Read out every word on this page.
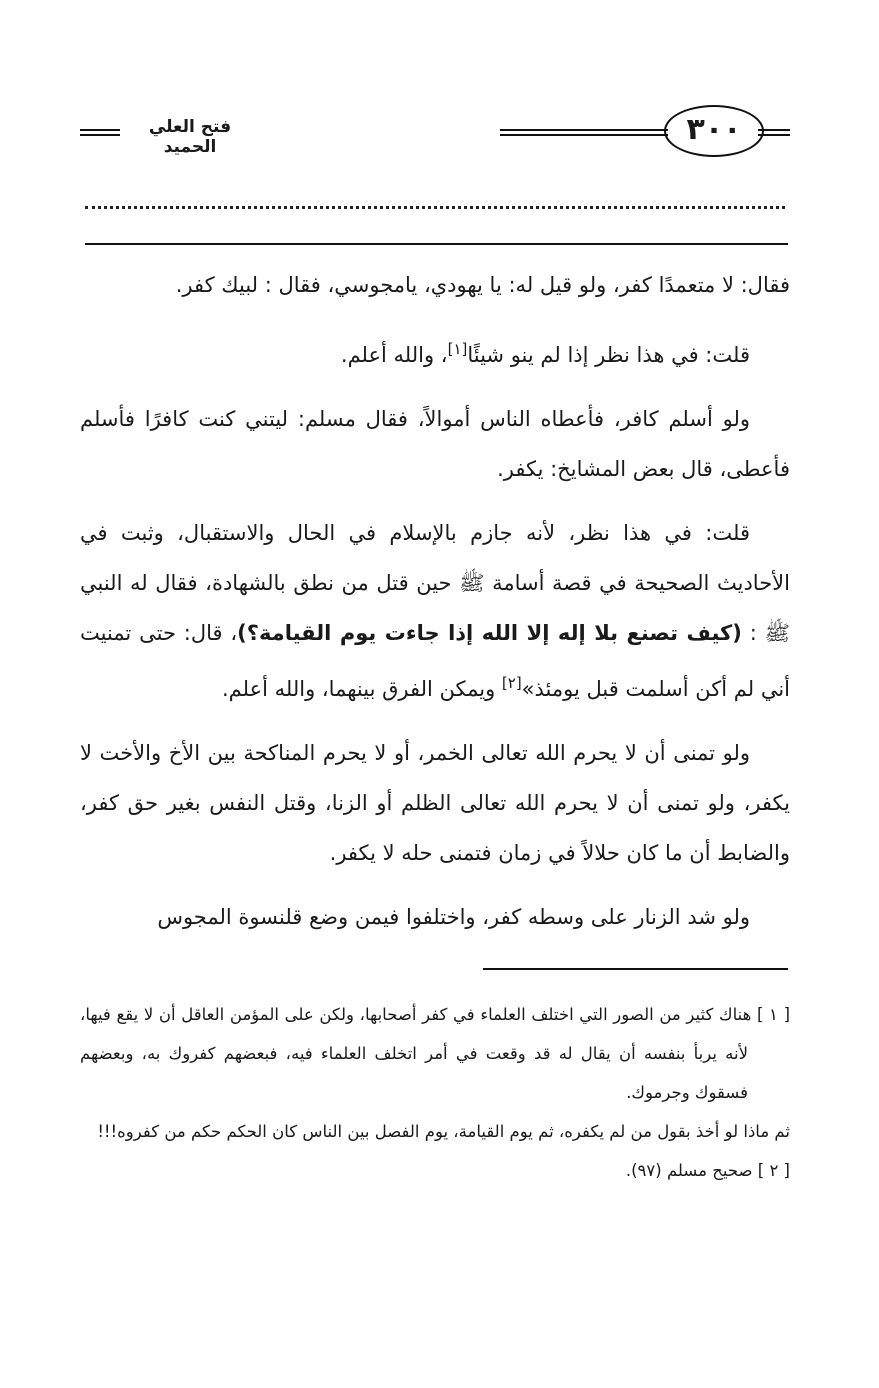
فتح العلي الحميد	٣٠٠

فقال: لا متعمدًا كفر، ولو قيل له: يا يهودي، يامجوسي، فقال : لبيك كفر.

قلت: في هذا نظر إذا لم ينو شيئًا[١]، والله أعلم.

ولو أسلم كافر، فأعطاه الناس أموالاً، فقال مسلم: ليتني كنت كافرًا فأسلم فأعطى، قال بعض المشايخ: يكفر.

قلت: في هذا نظر، لأنه جازم بالإسلام في الحال والاستقبال، وثبت في الأحاديث الصحيحة في قصة أسامة ﷺ حين قتل من نطق بالشهادة، فقال له النبي ﷺ : (كيف تصنع بلا إله إلا الله إذا جاءت يوم القيامة؟)، قال: حتى تمنيت أني لم أكن أسلمت قبل يومئذ»[٢] ويمكن الفرق بينهما، والله أعلم.

ولو تمنى أن لا يحرم الله تعالى الخمر، أو لا يحرم المناكحة بين الأخ والأخت لا يكفر، ولو تمنى أن لا يحرم الله تعالى الظلم أو الزنا، وقتل النفس بغير حق كفر، والضابط أن ما كان حلالاً في زمان فتمنى حله لا يكفر.

ولو شد الزنار على وسطه كفر، واختلفوا فيمن وضع قلنسوة المجوس

[ ١ ] هناك كثير من الصور التي اختلف العلماء في كفر أصحابها، ولكن على المؤمن العاقل أن لا يقع فيها، لأنه يربأ بنفسه أن يقال له قد وقعت في أمر اتخلف العلماء فيه، فبعضهم كفروك به، وبعضهم فسقوك وجرموك.

ثم ماذا لو أخذ بقول من لم يكفره، ثم يوم القيامة، يوم الفصل بين الناس كان الحكم حكم من كفروه!!!

[ ٢ ] صحيح مسلم (٩٧).
